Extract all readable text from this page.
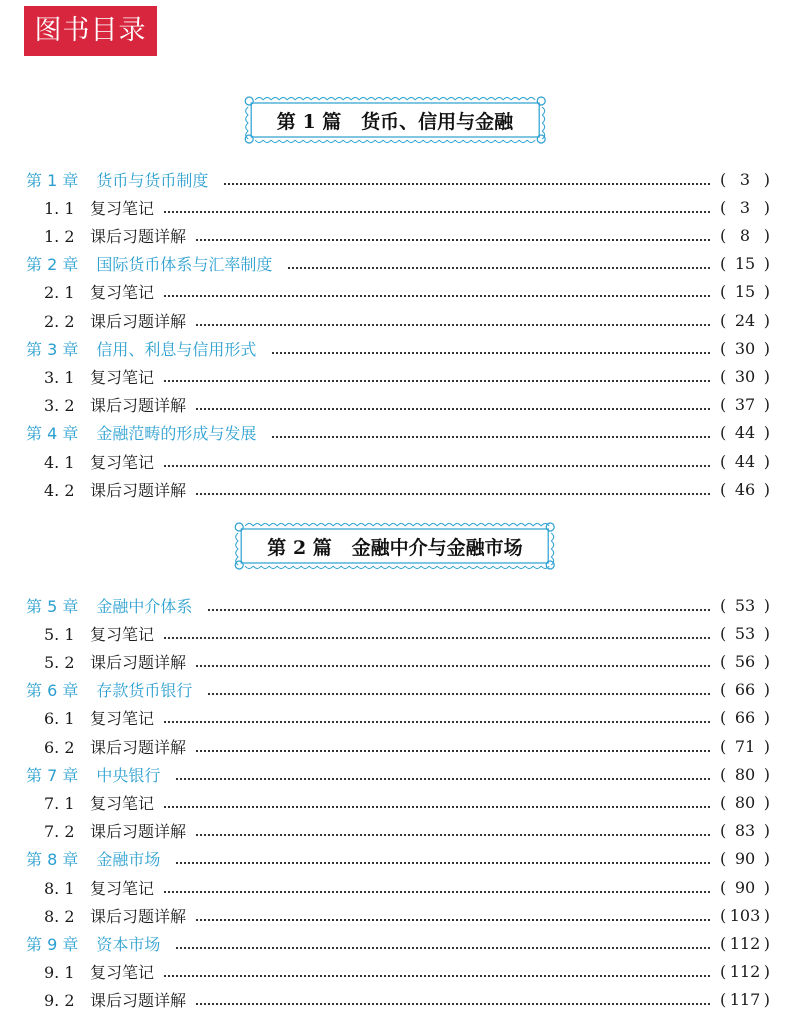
图书目录
第 1 篇 货币、信用与金融
第 1 章 货币与货币制度	( 3 )
1. 1 复习笔记	( 3 )
1. 2 课后习题详解	( 8 )
第 2 章 国际货币体系与汇率制度	( 15 )
2. 1 复习笔记	( 15 )
2. 2 课后习题详解	( 24 )
第 3 章 信用、利息与信用形式	( 30 )
3. 1 复习笔记	( 30 )
3. 2 课后习题详解	( 37 )
第 4 章 金融范畴的形成与发展	( 44 )
4. 1 复习笔记	( 44 )
4. 2 课后习题详解	( 46 )
第 2 篇 金融中介与金融市场
第 5 章 金融中介体系	( 53 )
5. 1 复习笔记	( 53 )
5. 2 课后习题详解	( 56 )
第 6 章 存款货币银行	( 66 )
6. 1 复习笔记	( 66 )
6. 2 课后习题详解	( 71 )
第 7 章 中央银行	( 80 )
7. 1 复习笔记	( 80 )
7. 2 课后习题详解	( 83 )
第 8 章 金融市场	( 90 )
8. 1 复习笔记	( 90 )
8. 2 课后习题详解	( 103 )
第 9 章 资本市场	( 112 )
9. 1 复习笔记	( 112 )
9. 2 课后习题详解	( 117 )
